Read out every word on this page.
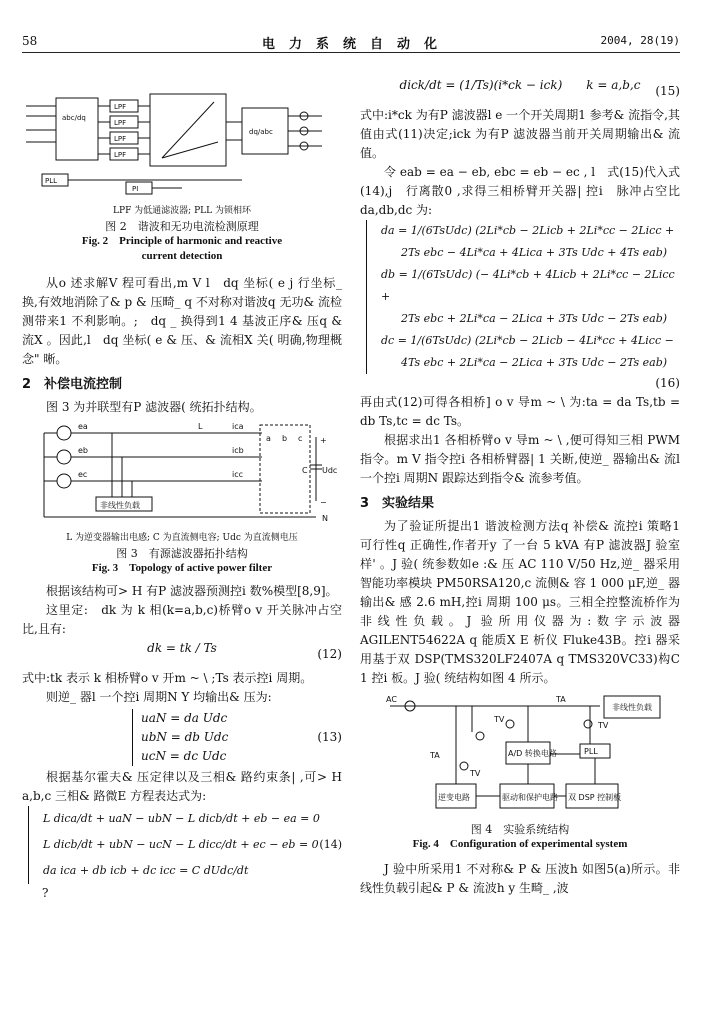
58	电力系统自动化	2004, 28(19)
abc/dq
LPF
LPF
LPF
LPF
dq/abc
PLL
PI
LPF 为低通滤波器; PLL 为锁相环
图 2　谐波和无功电流检测原理
Fig. 2　Principle of harmonic and reactive
current detection

从o 述求解V 程可看出,m V l　dq 坐标( e j 行坐标_ 换,有效地消除了& p & 压畸_ q 不对称对谐波q 无功& 流检测带来1 不利影响。;　dq _ 换得到1 4 基波正序& 压q & 流X 。因此,l　dq 坐标( e & 压、& 流相X 关( 明确,物理概念" 晰。

2　补偿电流控制

图 3 为并联型有P 滤波器( 统拓扑结构。

ea
eb
ec
L	ica
icb
icc
a b c
C Udc
N
+
−
非线性负载
L 为逆变器输出电感; C 为直流侧电容; Udc 为直流侧电压
图 3　有源滤波器拓扑结构
Fig. 3　Topology of active power filter

根据该结构可> H 有P 滤波器预测控i 数%模型[8,9]。

这里定:　dk 为 k 相(k=a,b,c)桥臂o v 开关脉冲占空比,且有:

dk = tk / Ts	(12)

式中:tk 表示 k 相桥臂o v 开m ~ \ ;Ts 表示控i 周期。

则逆_ 器l 一个控i 周期N Y 均输出& 压为:

uaN = da Udc
ubN = db Udc
ucN = dc Udc
(13)

根据基尔霍夫& 压定律以及三相& 路约束条| ,可> H a,b,c 三相& 路微E 方程表达式为:

L dica/dt + uaN − ubN − L dicb/dt + eb − ea = 0
L dicb/dt + ubN − ucN − L dicc/dt + ec − eb = 0 (14)
da ica + db icb + dc icc = C dUdc/dt
?
dick/dt = (1/Ts)(i*ck − ick)　　k = a,b,c (15)

式中:i*ck 为有P 滤波器l e 一个开关周期1 参考& 流指令,其值由式(11)决定;ick 为有P 滤波器当前开关周期输出& 流值。

令 eab = ea − eb, ebc = eb − ec , l　式(15)代入式(14),j　行离散0 ,求得三相桥臂开关器| 控i　脉冲占空比 da,db,dc 为:

da = 1/(6TsUdc) (2Li*cb − 2Licb + 2Li*cc − 2Licc +
2Ts ebc − 4Li*ca + 4Lica + 3Ts Udc + 4Ts eab)
db = 1/(6TsUdc) (− 4Li*cb + 4Licb + 2Li*cc − 2Licc +
2Ts ebc + 2Li*ca − 2Lica + 3Ts Udc − 2Ts eab)
dc = 1/(6TsUdc) (2Li*cb − 2Licb − 4Li*cc + 4Licc −
4Ts ebc + 2Li*ca − 2Lica + 3Ts Udc − 2Ts eab)
(16)

再由式(12)可得各相桥] o v 导m ~ \ 为:ta = da Ts,tb = db Ts,tc = dc Ts。

根据求出1 各相桥臂o v 导m ~ \ ,便可得知三相 PWM 指令。m V 指令控i 各相桥臂器| 1 关断,使逆_ 器输出& 流l 一个控i 周期N 跟踪达到指令& 流参考值。

3　实验结果

为了验证所提出1 谐波检测方法q 补偿& 流控i 策略1 可行性q 正确性,作者开y 了一台 5 kVA 有P 滤波器J 验室样' 。J 验( 统参数如e :& 压 AC 110 V/50 Hz,逆_ 器采用智能功率模块 PM50RSA120,c 流侧& 容 1 000 μF,逆_ 器输出& 感 2.6 mH,控i 周期 100 μs。三相全控整流桥作为非线性负载。J 验所用仪器为:数字示波器 AGILENT54622A q 能质X E 析仪 Fluke43B。控i 器采用基于双 DSP(TMS320LF2407A q TMS320VC33)构C 1 控i 板。J 验( 统结构如图 4 所示。

AC	TA
TV
TV
TA
TV
非线性负载
A/D 转换电路	PLL
逆变电路	驱动和保护电路 双 DSP 控制板
图 4　实验系统结构
Fig. 4　Configuration of experimental system

J 验中所采用1 不对称& P & 压波h 如图5(a)所示。非线性负载引起& P & 流波h y 生畸_ ,波
